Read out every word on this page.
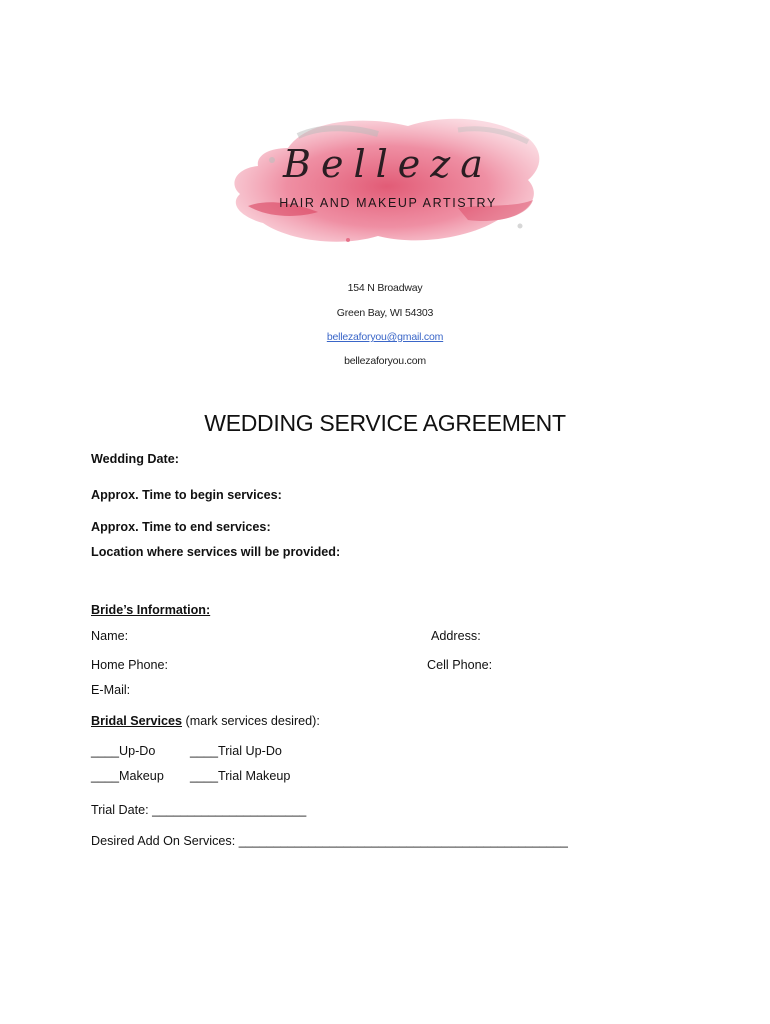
Belleza
HAIR AND MAKEUP ARTISTRY
154 N Broadway
Green Bay, WI 54303
bellezaforyou@gmail.com
bellezaforyou.com
WEDDING SERVICE AGREEMENT
Wedding Date:
Approx. Time to begin services:
Approx. Time to end services:
Location where services will be provided:
Bride’s Information:
Name:	Address:
Home Phone:	Cell Phone:
E-Mail:
Bridal Services (mark services desired):
____Up-Do	____Trial Up-Do
____Makeup ____Trial Makeup
Trial Date: ______________________
Desired Add On Services: _______________________________________________
